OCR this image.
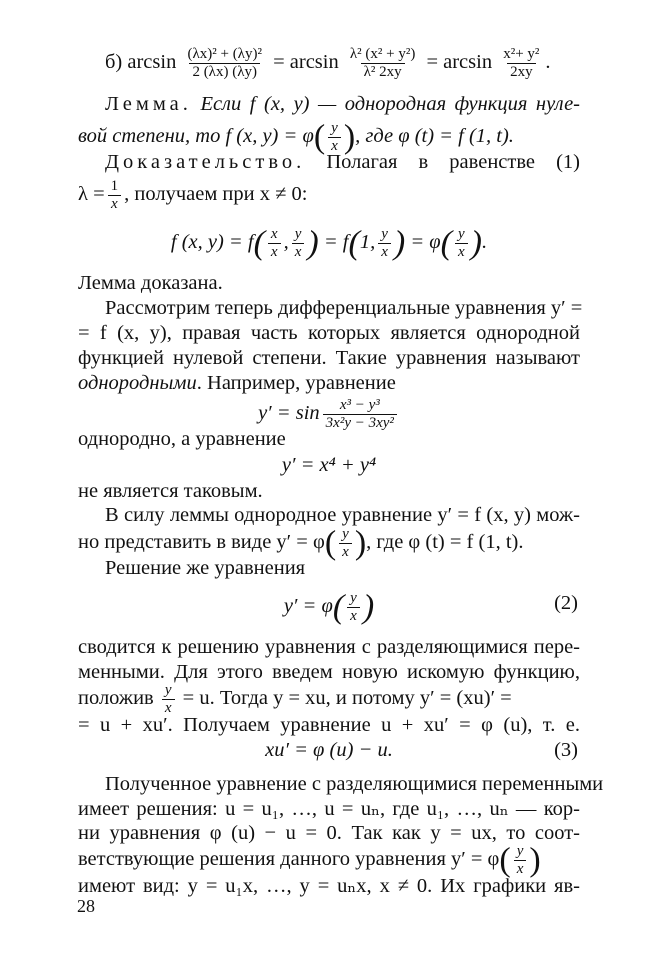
б) $\arcsin \frac{\text{(λx)² + (λy)²}}{2 (\lambda x) (\lambda y)} = \arcsin \frac{\text{λ² (x² + y²)}}{\text{λ² 2xy}} = \arcsin \frac{\text{x²+ y²}}{2xy}$ .
Лемма. Если f (x, y) — однородная функция нуле-
вой степени, то f (x, $y) = \varphi( \frac{y}{x}$ ), где φ (t) = f (1, t).
Доказательство. Полагая в равенстве (1)
$\lambda = \frac{1}{x}$ , получаем при x ≠ 0:
f (x, $y) = f( \frac{x}{x}$ , $\frac{y}{x}$ ) = f(1, $\frac{y}{x}$ ) = $\varphi( \frac{y}{x}$ ).
Лемма доказана.
Рассмотрим теперь дифференциальные уравнения y′ =
= f (x, y), правая часть которых является однородной
функцией нулевой степени. Такие уравнения называют
однородными. Например, уравнение
$y' = \sin \frac{\text{x³ − y³}}{\text{3x²y − 3xy²}}$
однородно, а уравнение
y′ = x⁴ + y⁴
не является таковым.
В силу леммы однородное уравнение y′ = f (x, y) мож-
но представить в виде $y' = \varphi( \frac{y}{x}$ ), где φ (t) = f (1, t).
Решение же уравнения
$y' = \varphi( \frac{y}{x}$ )	(2)
сводится к решению уравнения с разделяющимися пере-
менными. Для этого введем новую искомую функцию,
положив $\frac{y}{x} = u$. Тогда y = xu, и потому y′ = (xu)′ =
= u + xu′. Получаем уравнение u + xu′ = φ (u), т. е.
xu′ = φ (u) − u.	(3)
Полученное уравнение с разделяющимися переменными
имеет решения: u = u₁, …, u = uₙ, где u₁, …, uₙ — кор-
ни уравнения φ (u) − u = 0. Так как y = ux, то соот-
ветствующие решения данного уравнения $y' = \varphi( \frac{y}{x}$ )
имеют вид: y = u₁x, …, y = uₙx, x ≠ 0. Их графики яв-
28
